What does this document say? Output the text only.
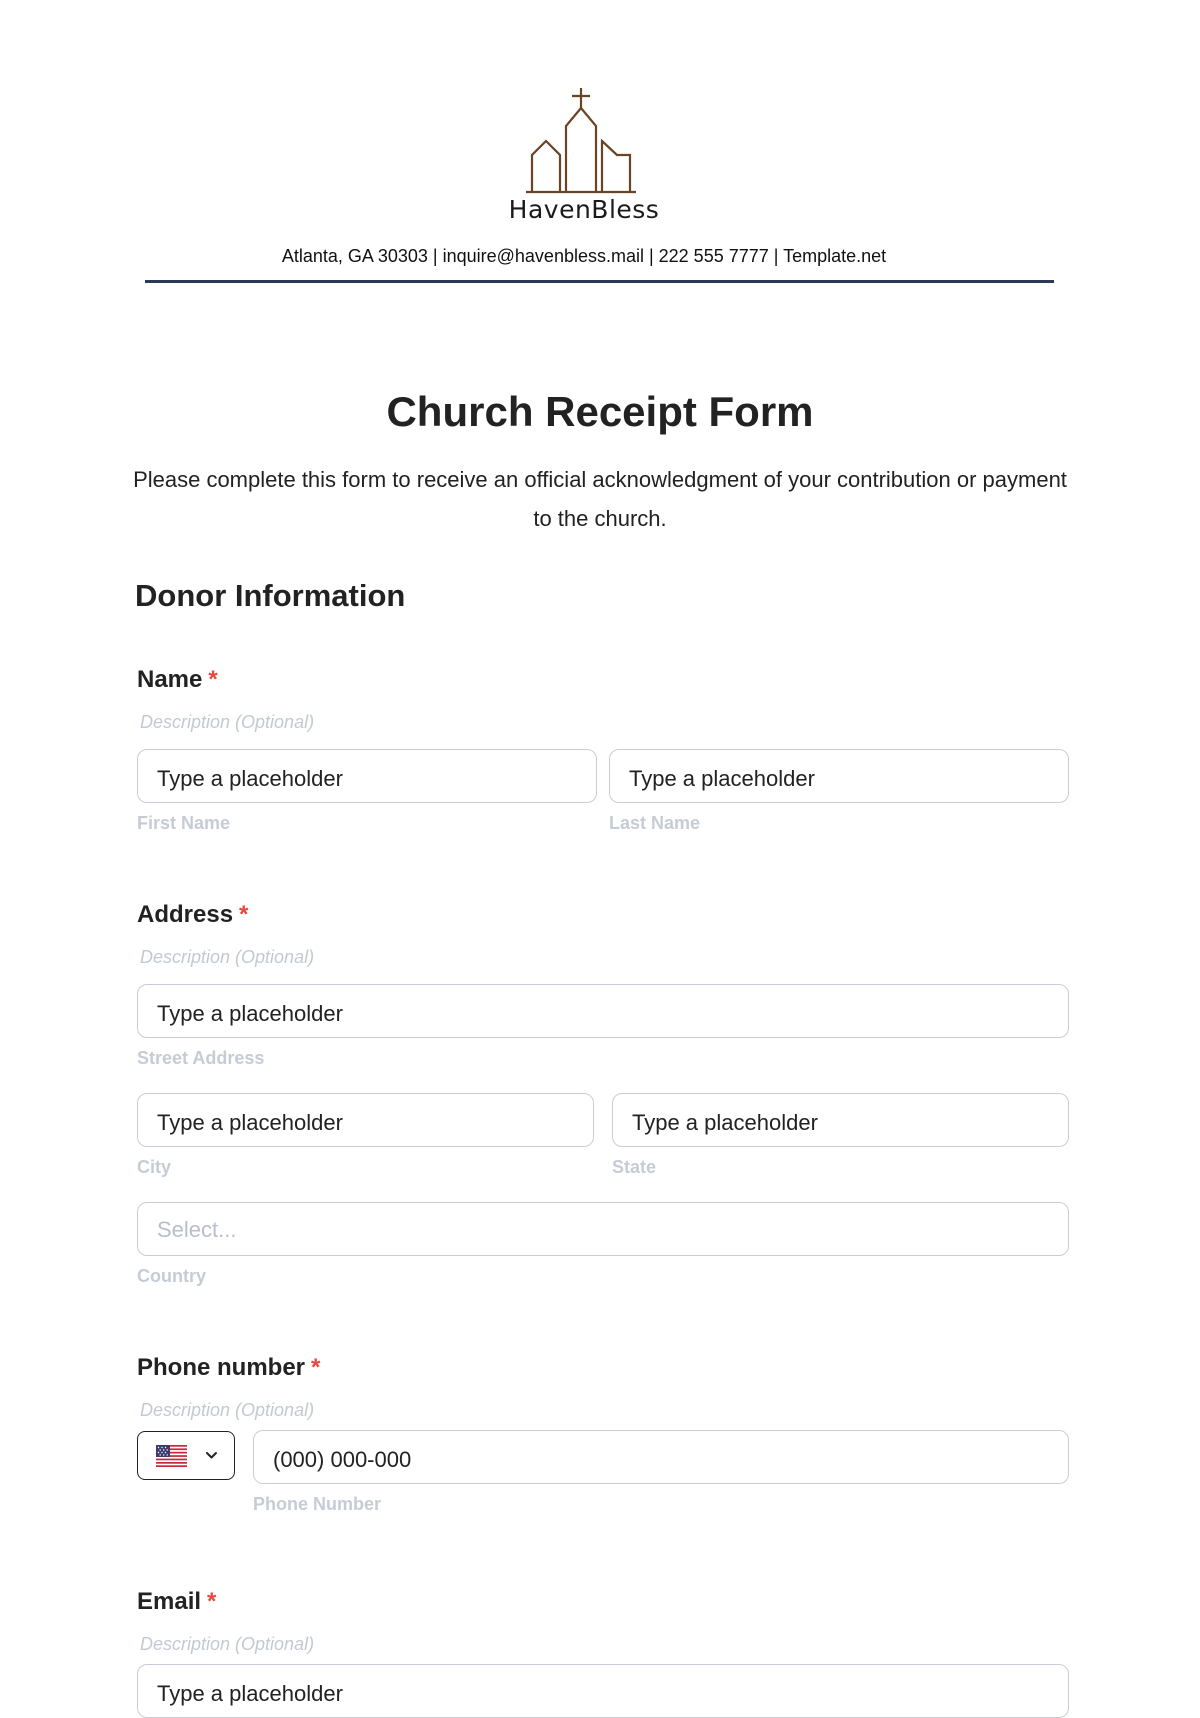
HavenBless
Atlanta, GA 30303 | inquire@havenbless.mail | 222 555 7777 | Template.net
Church Receipt Form
Please complete this form to receive an official acknowledgment of your contribution or payment to the church.
Donor Information
Name *
Description (Optional)
Type a placeholder
First Name
Type a placeholder
Last Name
Address *
Description (Optional)
Type a placeholder
Street Address
Type a placeholder
City
Type a placeholder
State
Select...
Country
Phone number *
Description (Optional)
(000) 000-000
Phone Number
Email *
Description (Optional)
Type a placeholder
